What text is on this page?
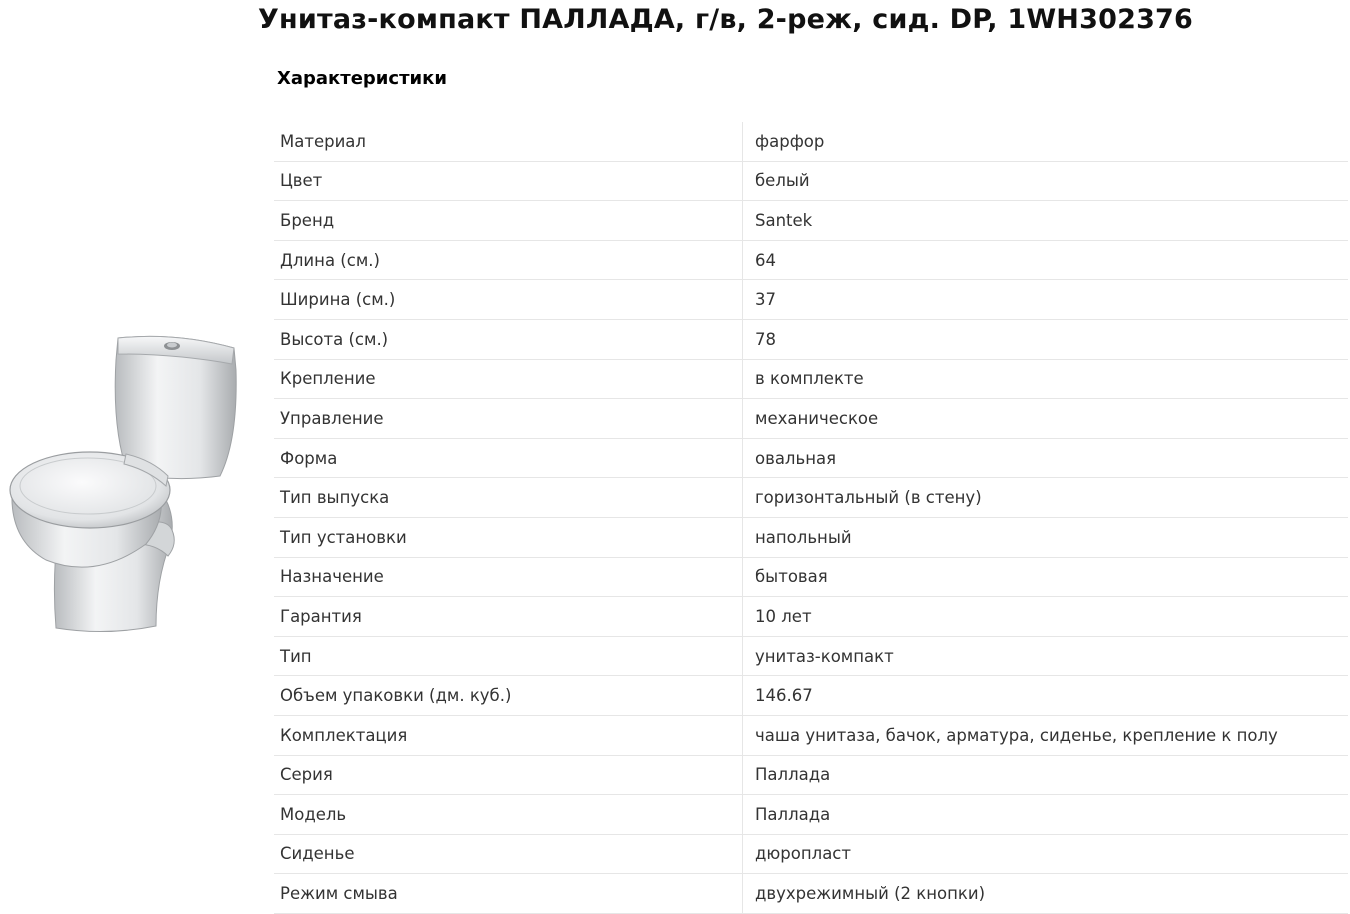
Унитаз-компакт ПАЛЛАДА, г/в, 2-реж, сид. DP, 1WH302376
Характеристики
Материал	фарфор
Цвет	белый
Бренд	Santek
Длина (см.)	64
Ширина (см.)	37
Высота (см.)	78
Крепление	в комплекте
Управление	механическое
Форма	овальная
Тип выпуска	горизонтальный (в стену)
Тип установки	напольный
Назначение	бытовая
Гарантия	10 лет
Тип	унитаз-компакт
Объем упаковки (дм. куб.)	146.67
Комплектация	чаша унитаза, бачок, арматура, сиденье, крепление к полу
Серия	Паллада
Модель	Паллада
Сиденье	дюропласт
Режим смыва	двухрежимный (2 кнопки)
